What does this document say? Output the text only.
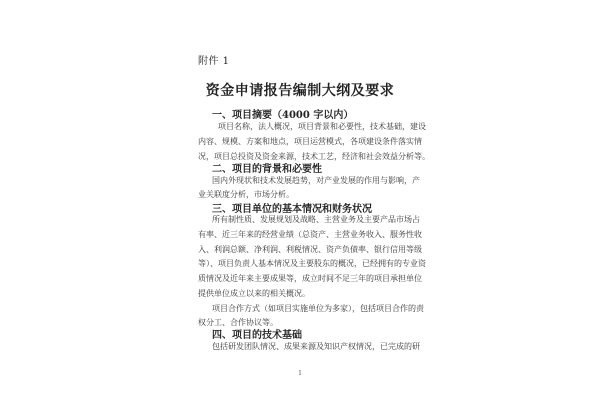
附件 1
资金申请报告编制大纲及要求
一、项目摘要（4000 字以内）
项目名称，法人概况，项目背景和必要性，技术基础，建设
内容、规模、方案和地点，项目运营模式，各项建设条件落实情
况，项目总投资及资金来源，技术工艺，经济和社会效益分析等。
二、项目的背景和必要性
国内外现状和技术发展趋势，对产业发展的作用与影响，产
业关联度分析，市场分析。
三、项目单位的基本情况和财务状况
所有制性质、发展规划及战略、主营业务及主要产品市场占
有率、近三年来的经营业绩（总资产、主营业务收入、服务性收
入、利润总额、净利润、利税情况、资产负债率、银行信用等级
等）、项目负责人基本情况及主要股东的概况，已经拥有的专业资
质情况及近年来主要成果等，成立时间不足三年的项目承担单位
提供单位成立以来的相关概况。
项目合作方式（如项目实施单位为多家），包括项目合作的责
权分工、合作协议等。
四、项目的技术基础
包括研发团队情况、成果来源及知识产权情况，已完成的研
1
